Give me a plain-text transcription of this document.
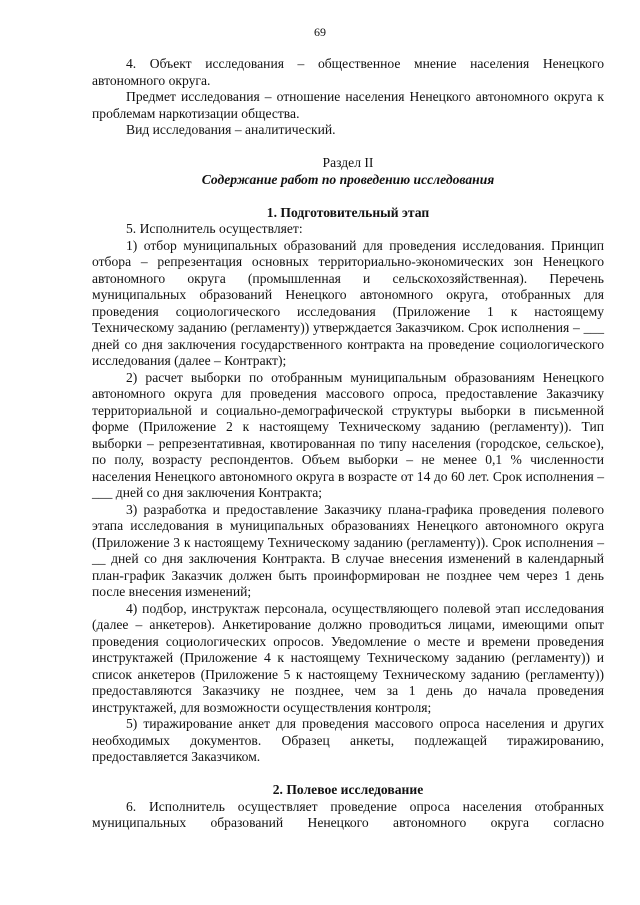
69

4. Объект исследования – общественное мнение населения Ненецкого автономного округа.

Предмет исследования – отношение населения Ненецкого автономного округа к проблемам наркотизации общества.

Вид исследования – аналитический.

Раздел II

Содержание работ по проведению исследования

1. Подготовительный этап

5. Исполнитель осуществляет:

1) отбор муниципальных образований для проведения исследования. Принцип отбора – репрезентация основных территориально-экономических зон Ненецкого автономного округа (промышленная и сельскохозяйственная). Перечень муниципальных образований Ненецкого автономного округа, отобранных для проведения социологического исследования (Приложение 1 к настоящему Техническому заданию (регламенту)) утверждается Заказчиком. Срок исполнения – ___ дней со дня заключения государственного контракта на проведение социологического исследования (далее – Контракт);

2) расчет выборки по отобранным муниципальным образованиям Ненецкого автономного округа для проведения массового опроса, предоставление Заказчику территориальной и социально-демографической структуры выборки в письменной форме (Приложение 2 к настоящему Техническому заданию (регламенту)). Тип выборки – репрезентативная, квотированная по типу населения (городское, сельское), по полу, возрасту респондентов. Объем выборки – не менее 0,1 % численности населения Ненецкого автономного округа в возрасте от 14 до 60 лет. Срок исполнения –___ дней со дня заключения Контракта;

3) разработка и предоставление Заказчику плана-графика проведения полевого этапа исследования в муниципальных образованиях Ненецкого автономного округа (Приложение 3 к настоящему Техническому заданию (регламенту)). Срок исполнения – __ дней со дня заключения Контракта. В случае внесения изменений в календарный план-график Заказчик должен быть проинформирован не позднее чем через 1 день после внесения изменений;

4) подбор, инструктаж персонала, осуществляющего полевой этап исследования (далее – анкетеров). Анкетирование должно проводиться лицами, имеющими опыт проведения социологических опросов. Уведомление о месте и времени проведения инструктажей (Приложение 4 к настоящему Техническому заданию (регламенту)) и список анкетеров (Приложение 5 к настоящему Техническому заданию (регламенту)) предоставляются Заказчику не позднее, чем за 1 день до начала проведения инструктажей, для возможности осуществления контроля;

5) тиражирование анкет для проведения массового опроса населения и других необходимых документов. Образец анкеты, подлежащей тиражированию, предоставляется Заказчиком.

2. Полевое исследование

6. Исполнитель осуществляет проведение опроса населения отобранных муниципальных образований Ненецкого автономного округа согласно
